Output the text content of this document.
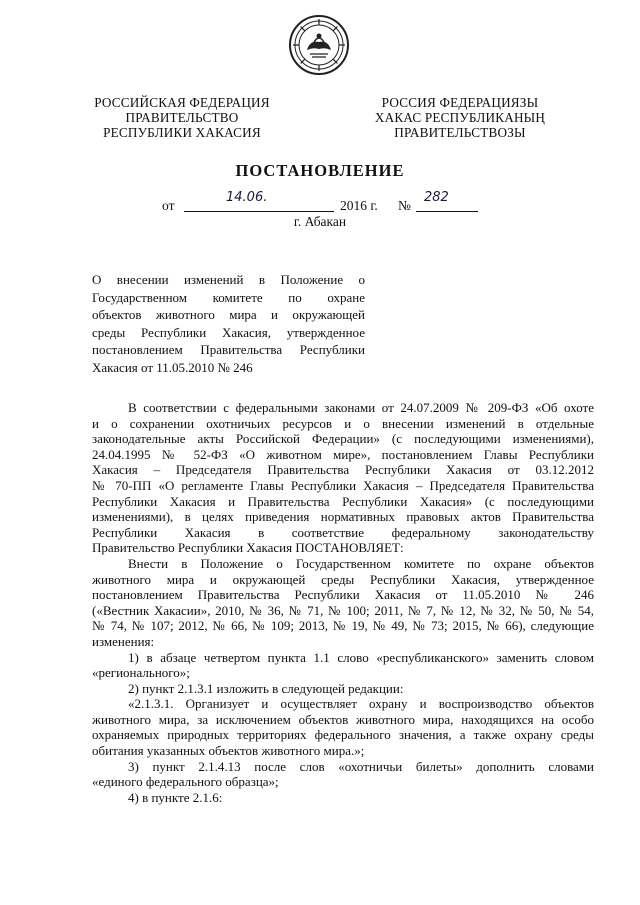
РОССИЙСКАЯ ФЕДЕРАЦИЯ
ПРАВИТЕЛЬСТВО
РЕСПУБЛИКИ ХАКАСИЯ
РОССИЯ ФЕДЕРАЦИЯЗЫ
ХАКАС РЕСПУБЛИКАНЫҢ
ПРАВИТЕЛЬСТВОЗЫ
ПОСТАНОВЛЕНИЕ
от
14.06.
2016 г. №
282
г. Абакан
О внесении изменений в Положение о
Государственном комитете по охране
объектов животного мира и окружающей
среды Республики Хакасия, утвержденное
постановлением Правительства Республики
Хакасия от 11.05.2010 № 246
В соответствии с федеральными законами от 24.07.2009 № 209-ФЗ «Об охоте
и о сохранении охотничьих ресурсов и о внесении изменений в отдельные
законодательные акты Российской Федерации» (с последующими изменениями),
24.04.1995 № 52-ФЗ «О животном мире», постановлением Главы Республики
Хакасия – Председателя Правительства Республики Хакасия от 03.12.2012
№ 70-ПП «О регламенте Главы Республики Хакасия – Председателя Правительства
Республики Хакасия и Правительства Республики Хакасия» (с последующими
изменениями), в целях приведения нормативных правовых актов Правительства
Республики Хакасия в соответствие федеральному законодательству
Правительство Республики Хакасия ПОСТАНОВЛЯЕТ:
Внести в Положение о Государственном комитете по охране объектов
животного мира и окружающей среды Республики Хакасия, утвержденное
постановлением Правительства Республики Хакасия от 11.05.2010 № 246
(«Вестник Хакасии», 2010, № 36, № 71, № 100; 2011, № 7, № 12, № 32, № 50, № 54,
№ 74, № 107; 2012, № 66, № 109; 2013, № 19, № 49, № 73; 2015, № 66), следующие
изменения:
1) в абзаце четвертом пункта 1.1 слово «республиканского» заменить словом
«регионального»;
2) пункт 2.1.3.1 изложить в следующей редакции:
«2.1.3.1. Организует и осуществляет охрану и воспроизводство объектов
животного мира, за исключением объектов животного мира, находящихся на особо
охраняемых природных территориях федерального значения, а также охрану среды
обитания указанных объектов животного мира.»;
3) пункт 2.1.4.13 после слов «охотничьи билеты» дополнить словами
«единого федерального образца»;
4) в пункте 2.1.6:
